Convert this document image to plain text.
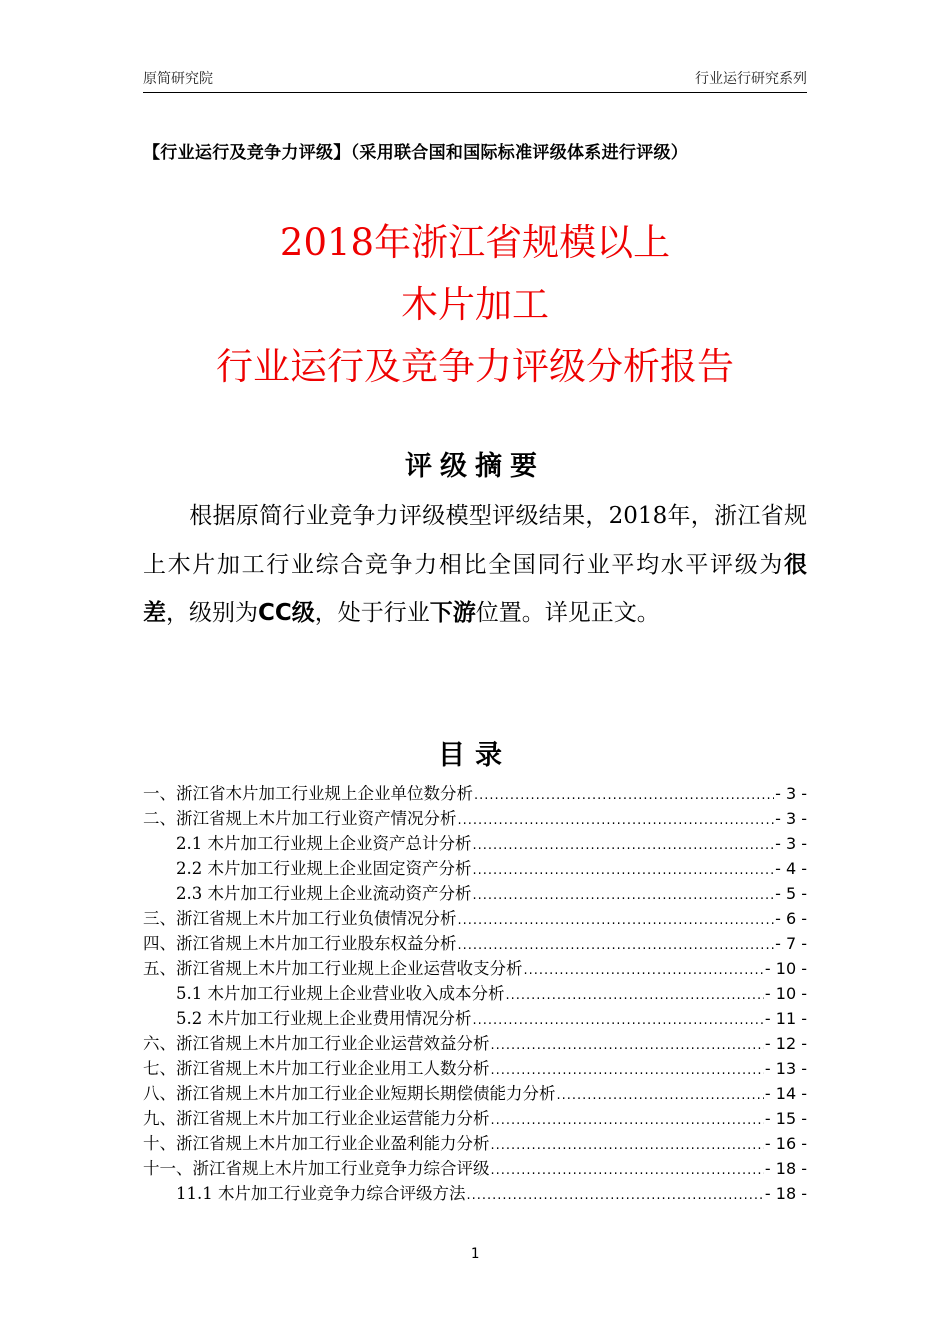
原简研究院	行业运行研究系列
【行业运行及竞争力评级】（采用联合国和国际标准评级体系进行评级）
2018年浙江省规模以上
木片加工
行业运行及竞争力评级分析报告
评级摘要
根据原简行业竞争力评级模型评级结果，2018年，浙江省规上木片加工行业综合竞争力相比全国同行业平均水平评级为很差，级别为CC级，处于行业下游位置。详见正文。
目录
一、浙江省木片加工行业规上企业单位数分析 .....	- 3 -
二、浙江省规上木片加工行业资产情况分析 .....	- 3 -
2.1 木片加工行业规上企业资产总计分析 .....	- 3 -
2.2 木片加工行业规上企业固定资产分析 .....	- 4 -
2.3 木片加工行业规上企业流动资产分析 .....	- 5 -
三、浙江省规上木片加工行业负债情况分析 .....	- 6 -
四、浙江省规上木片加工行业股东权益分析 .....	- 7 -
五、浙江省规上木片加工行业规上企业运营收支分析 .....	- 10 -
5.1 木片加工行业规上企业营业收入成本分析 .....	- 10 -
5.2 木片加工行业规上企业费用情况分析 .....	- 11 -
六、浙江省规上木片加工行业企业运营效益分析 .....	- 12 -
七、浙江省规上木片加工行业企业用工人数分析 .....	- 13 -
八、浙江省规上木片加工行业企业短期长期偿债能力分析 .....	- 14 -
九、浙江省规上木片加工行业企业运营能力分析 .....	- 15 -
十、浙江省规上木片加工行业企业盈利能力分析 .....	- 16 -
十一、浙江省规上木片加工行业竞争力综合评级 .....	- 18 -
11.1 木片加工行业竞争力综合评级方法 .....	- 18 -
1
